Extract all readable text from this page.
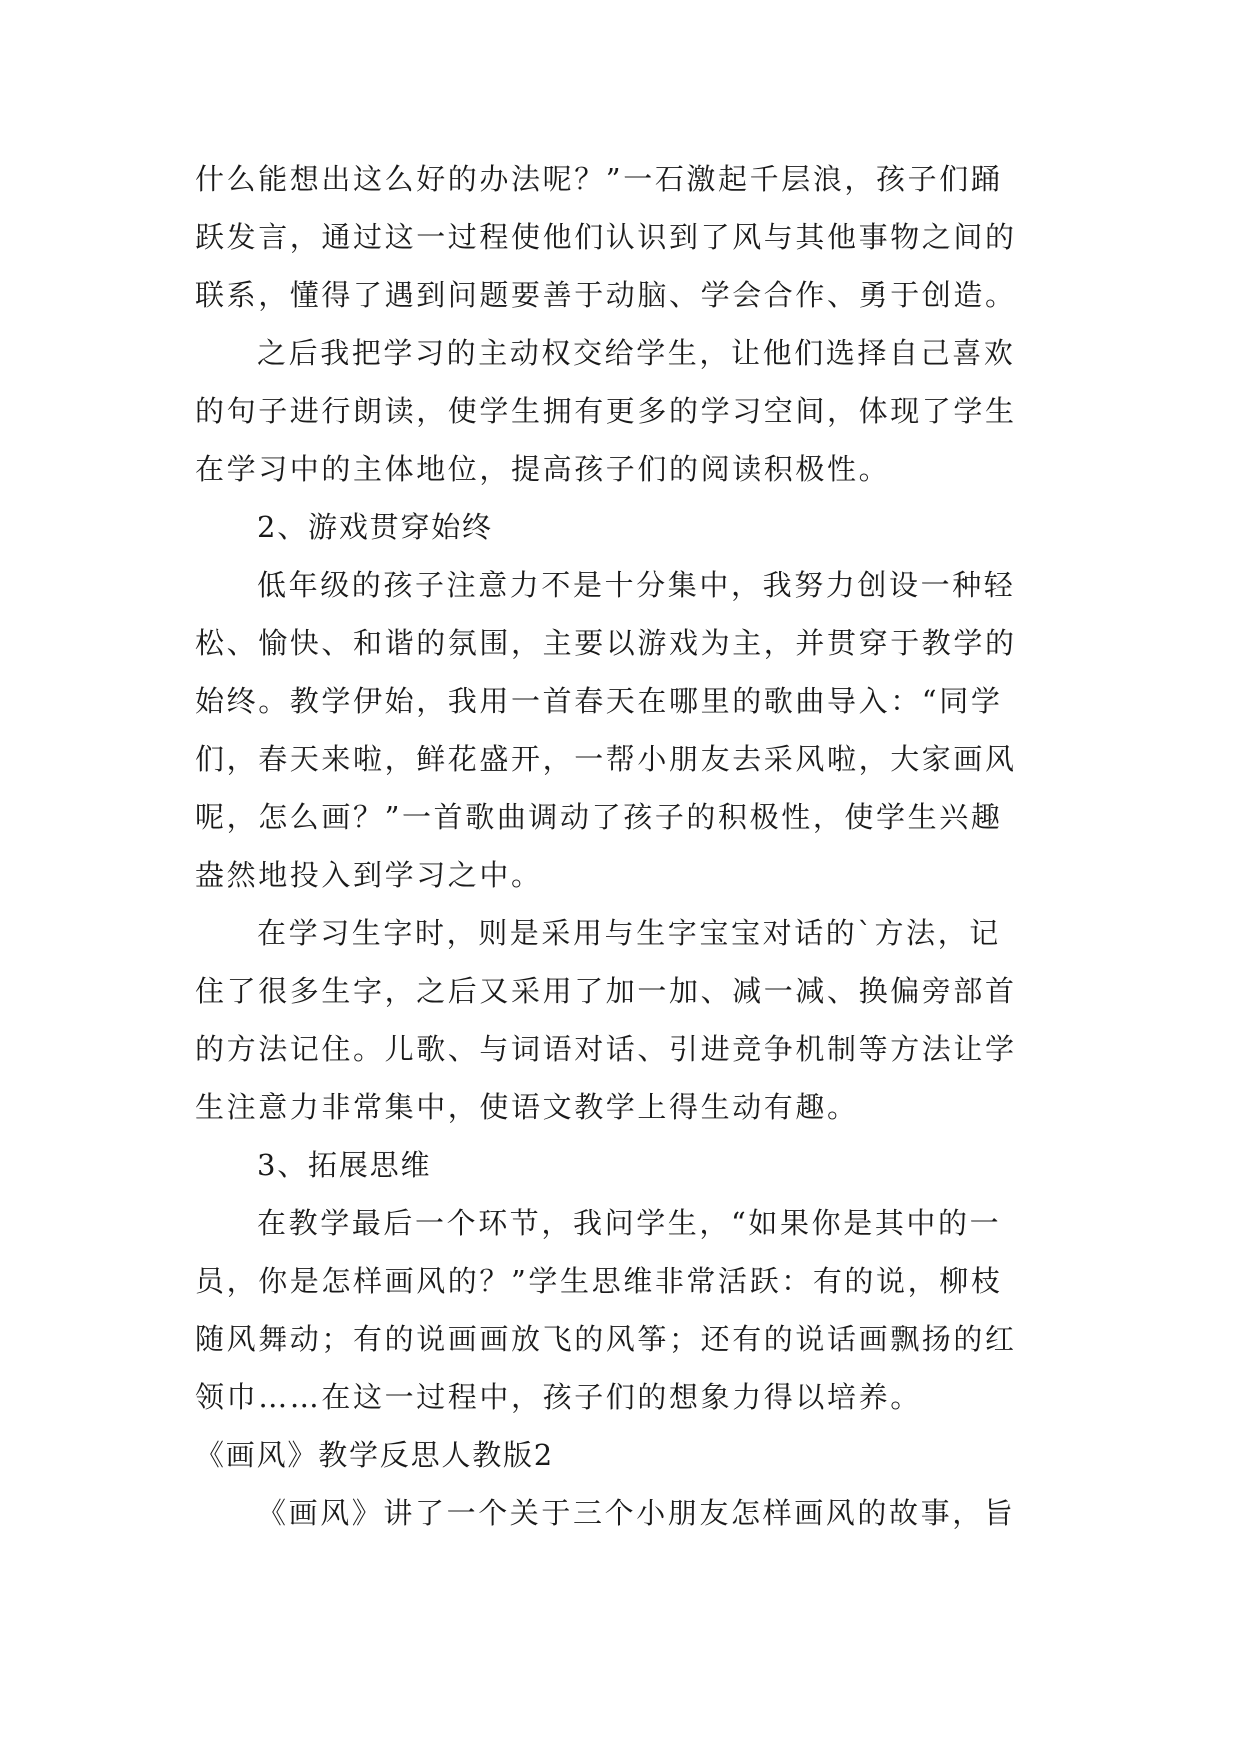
什么能想出这么好的办法呢？”一石激起千层浪，孩子们踊
跃发言，通过这一过程使他们认识到了风与其他事物之间的
联系，懂得了遇到问题要善于动脑、学会合作、勇于创造。
之后我把学习的主动权交给学生，让他们选择自己喜欢
的句子进行朗读，使学生拥有更多的学习空间，体现了学生
在学习中的主体地位，提高孩子们的阅读积极性。
2、游戏贯穿始终
低年级的孩子注意力不是十分集中，我努力创设一种轻
松、愉快、和谐的氛围，主要以游戏为主，并贯穿于教学的
始终。教学伊始，我用一首春天在哪里的歌曲导入：“同学
们，春天来啦，鲜花盛开，一帮小朋友去采风啦，大家画风
呢，怎么画？”一首歌曲调动了孩子的积极性，使学生兴趣
盎然地投入到学习之中。
在学习生字时，则是采用与生字宝宝对话的`方法，记
住了很多生字，之后又采用了加一加、减一减、换偏旁部首
的方法记住。儿歌、与词语对话、引进竞争机制等方法让学
生注意力非常集中，使语文教学上得生动有趣。
3、拓展思维
在教学最后一个环节，我问学生，“如果你是其中的一
员，你是怎样画风的？”学生思维非常活跃：有的说，柳枝
随风舞动；有的说画画放飞的风筝；还有的说话画飘扬的红
领巾……在这一过程中，孩子们的想象力得以培养。
《画风》教学反思人教版2
《画风》讲了一个关于三个小朋友怎样画风的故事，旨
